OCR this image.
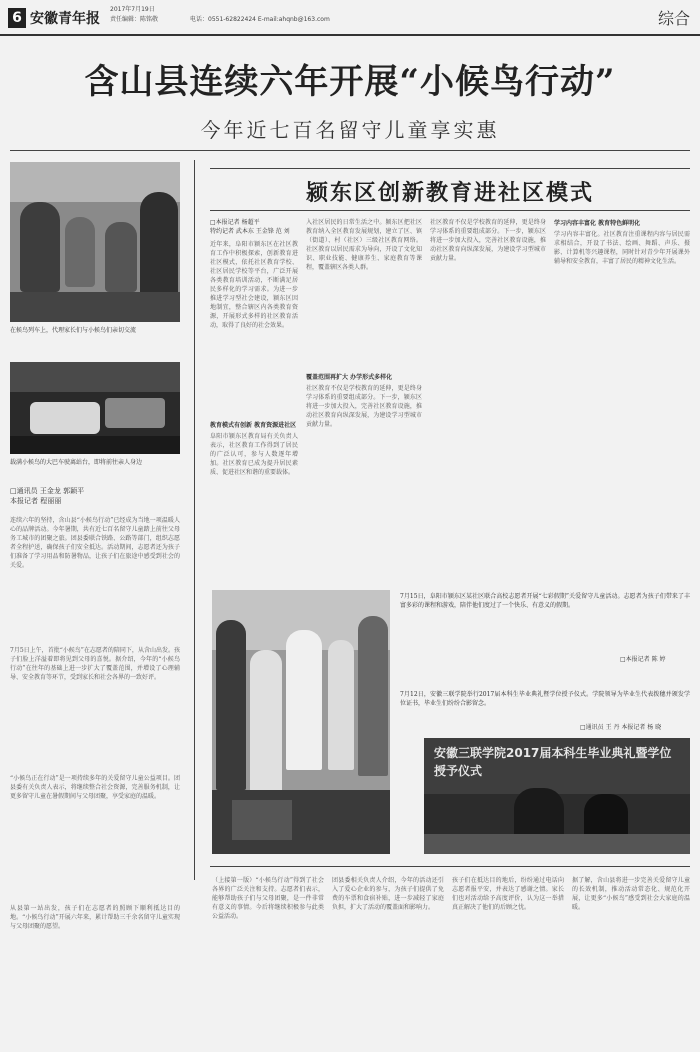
6 安徽青年报
2017年7月19日
责任编辑：陈铭敬	电话：0551-62822424 E-mail:ahqnb@163.com	综合
含山县连续六年开展“小候鸟行动”
今年近七百名留守儿童享实惠
在候鸟列车上，代理家长们与小候鸟们亲切交流
载满小候鸟的大巴车驶离站台，即将前往亲人身边
□通讯员 王金龙 郭颖平
本报记者 程丽丽
连续六年的坚持，含山县“小候鸟行动”已经成为当地一项温暖人心的品牌活动。今年暑期，共有近七百名留守儿童踏上前往父母务工城市的团聚之旅。团县委联合铁路、公路等部门，组织志愿者全程护送，确保孩子们安全抵达。活动期间，志愿者还为孩子们准备了学习用品和防暑物品，让孩子们在旅途中感受到社会的关爱。
7月5日上午，首批“小候鸟”在志愿者的陪同下，从含山出发。孩子们脸上洋溢着即将见到父母的喜悦。据介绍，今年的“小候鸟行动”在往年的基础上进一步扩大了覆盖范围，并增设了心理辅导、安全教育等环节，受到家长和社会各界的一致好评。
“小候鸟正在行动”是一项持续多年的关爱留守儿童公益项目。团县委有关负责人表示，将继续整合社会资源，完善服务机制，让更多留守儿童在暑假期间与父母团聚，享受家庭的温暖。
从县第一站出发，孩子们在志愿者的照顾下顺利抵达目的地。“小候鸟行动”开展六年来，累计帮助三千余名留守儿童实现与父母团聚的愿望。
颍东区创新教育进社区模式
□本报记者 杨超平
特约记者 武本东 王金锋 范 刘
近年来，阜阳市颍东区在社区教育工作中积极探索，创新教育进社区模式，依托社区教育学校、社区居民学校等平台，广泛开展各类教育培训活动，不断满足居民多样化的学习需求。为进一步推进学习型社会建设，颍东区因地制宜，整合辖区内各类教育资源，开展形式多样的社区教育活动，取得了良好的社会效果。
教育模式有创新 教育资源进社区
阜阳市颍东区教育局有关负责人表示，社区教育工作得到了居民的广泛认可，参与人数逐年增加。社区教育已成为提升居民素质、促进社区和谐的重要载体。
入社区居民的日常生活之中。颍东区把社区教育纳入全区教育发展规划，建立了区、镇（街道）、村（社区）三级社区教育网络。社区教育以居民需求为导向，开设了文化知识、职业技能、健康养生、家庭教育等课程，覆盖辖区各类人群。
覆盖范围再扩大 办学形式多样化
社区教育不仅是学校教育的延伸，更是终身学习体系的重要组成部分。下一步，颍东区将进一步加大投入，完善社区教育设施，推动社区教育向纵深发展，为建设学习型城市贡献力量。
社区教育不仅是学校教育的延伸，更是终身学习体系的重要组成部分。下一步，颍东区将进一步加大投入，完善社区教育设施，推动社区教育向纵深发展，为建设学习型城市贡献力量。
学习内容丰富化 教育特色鲜明化
学习内容丰富化。社区教育注重课程内容与居民需求相结合，开设了书法、绘画、舞蹈、声乐、摄影、计算机等兴趣课程，同时针对青少年开展课外辅导和安全教育，丰富了居民的精神文化生活。
7月15日，阜阳市颍东区某社区联合高校志愿者开展“七彩假期”关爱留守儿童活动。志愿者为孩子们带来了丰富多彩的课程和游戏，陪伴他们度过了一个快乐、有意义的假期。
□本报记者 陈 婷
7月12日，安徽三联学院举行2017届本科生毕业典礼暨学位授予仪式。学院领导为毕业生代表拨穗并颁发学位证书，毕业生们纷纷合影留念。
□通讯员 王 丹 本报记者 杨 晓
安徽三联学院2017届本科生毕业典礼暨学位授予仪式
（上接第一版）“小候鸟行动”得到了社会各界的广泛关注和支持。志愿者们表示，能够帮助孩子们与父母团聚，是一件非常有意义的事情。今后将继续积极参与此类公益活动。
团县委相关负责人介绍，今年的活动还引入了爱心企业的参与，为孩子们提供了免费的车票和食宿补贴，进一步减轻了家庭负担，扩大了活动的覆盖面和影响力。
孩子们在抵达目的地后，纷纷通过电话向志愿者报平安，并表达了感谢之情。家长们也对活动给予高度评价，认为这一举措真正解决了他们的后顾之忧。
据了解，含山县将进一步完善关爱留守儿童的长效机制，推动活动常态化、规范化开展，让更多“小候鸟”感受到社会大家庭的温暖。
